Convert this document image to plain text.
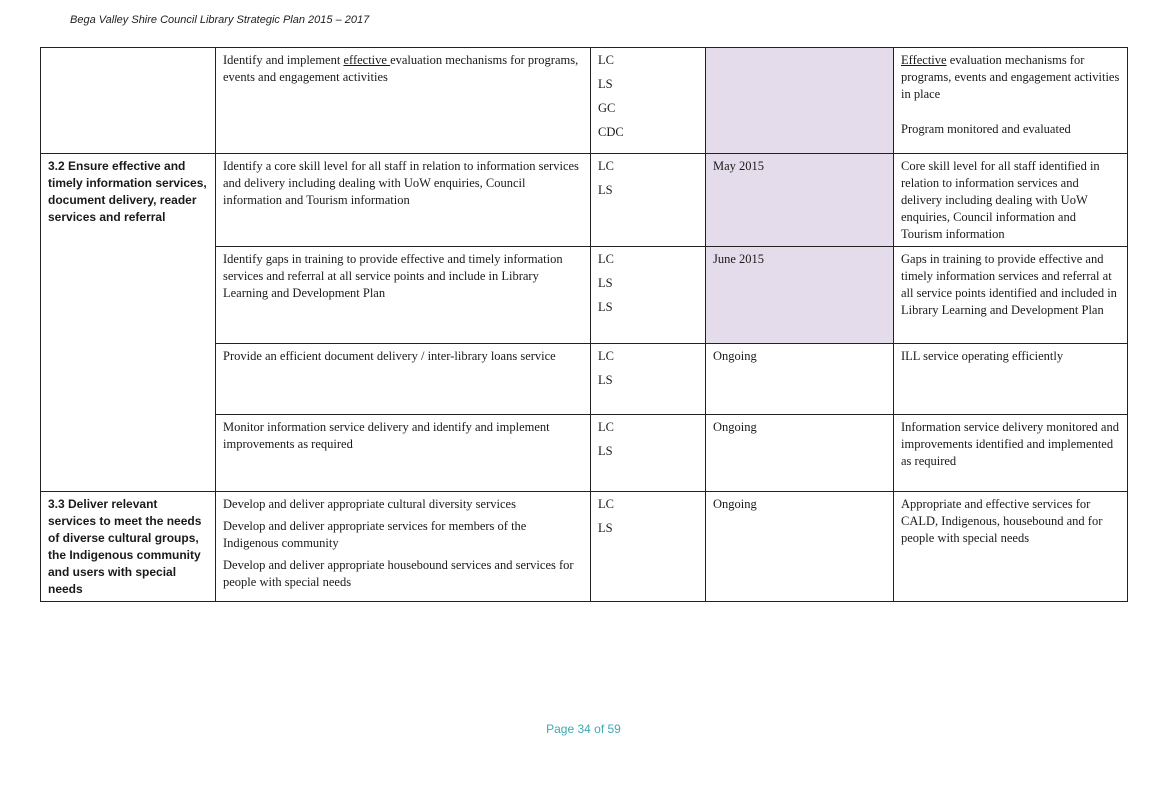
Bega Valley Shire Council Library Strategic Plan 2015 – 2017
	Identify and implement effective evaluation mechanisms for programs, events and engagement activities	LC
LS
GC
CDC		Effective evaluation mechanisms for programs, events and engagement activities in place
Program monitored and evaluated

3.2 Ensure effective and timely information services, document delivery, reader services and referral	Identify a core skill level for all staff in relation to information services and delivery including dealing with UoW enquiries, Council information and Tourism information	LC
LS	May 2015	Core skill level for all staff identified in relation to information services and delivery including dealing with UoW enquiries, Council information and Tourism information
	Identify gaps in training to provide effective and timely information services and referral at all service points and include in Library Learning and Development Plan	LC
LS
LS	June 2015	Gaps in training to provide effective and timely information services and referral at all service points identified and included in Library Learning and Development Plan
	Provide an efficient document delivery / inter-library loans service	LC
LS	Ongoing	ILL service operating efficiently
	Monitor information service delivery and identify and implement improvements as required	LC
LS	Ongoing	Information service delivery monitored and improvements identified and implemented as required
3.3 Deliver relevant services to meet the needs of diverse cultural groups, the Indigenous community and users with special needs	Develop and deliver appropriate cultural diversity services
Develop and deliver appropriate services for members of the Indigenous community
Develop and deliver appropriate housebound services and services for people with special needs	LC
LS	Ongoing	Appropriate and effective services for CALD, Indigenous, housebound and for people with special needs
Page 34 of 59
